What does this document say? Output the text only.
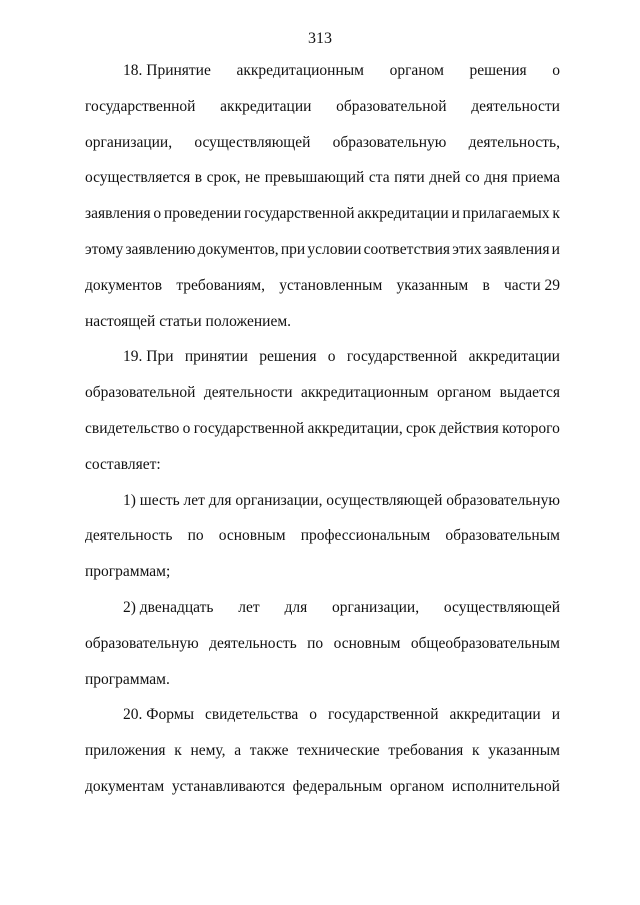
313
18. Принятие аккредитационным органом решения о
государственной аккредитации образовательной деятельности
организации, осуществляющей образовательную деятельность,
осуществляется в срок, не превышающий ста пяти дней со дня приема
заявления о проведении государственной аккредитации и прилагаемых к
этому заявлению документов, при условии соответствия этих заявления и
документов требованиям, установленным указанным в части 29
настоящей статьи положением.
19. При принятии решения о государственной аккредитации
образовательной деятельности аккредитационным органом выдается
свидетельство о государственной аккредитации, срок действия которого
составляет:
1) шесть лет для организации, осуществляющей образовательную
деятельность по основным профессиональным образовательным
программам;
2) двенадцать лет для организации, осуществляющей
образовательную деятельность по основным общеобразовательным
программам.
20. Формы свидетельства о государственной аккредитации и
приложения к нему, а также технические требования к указанным
документам устанавливаются федеральным органом исполнительной
